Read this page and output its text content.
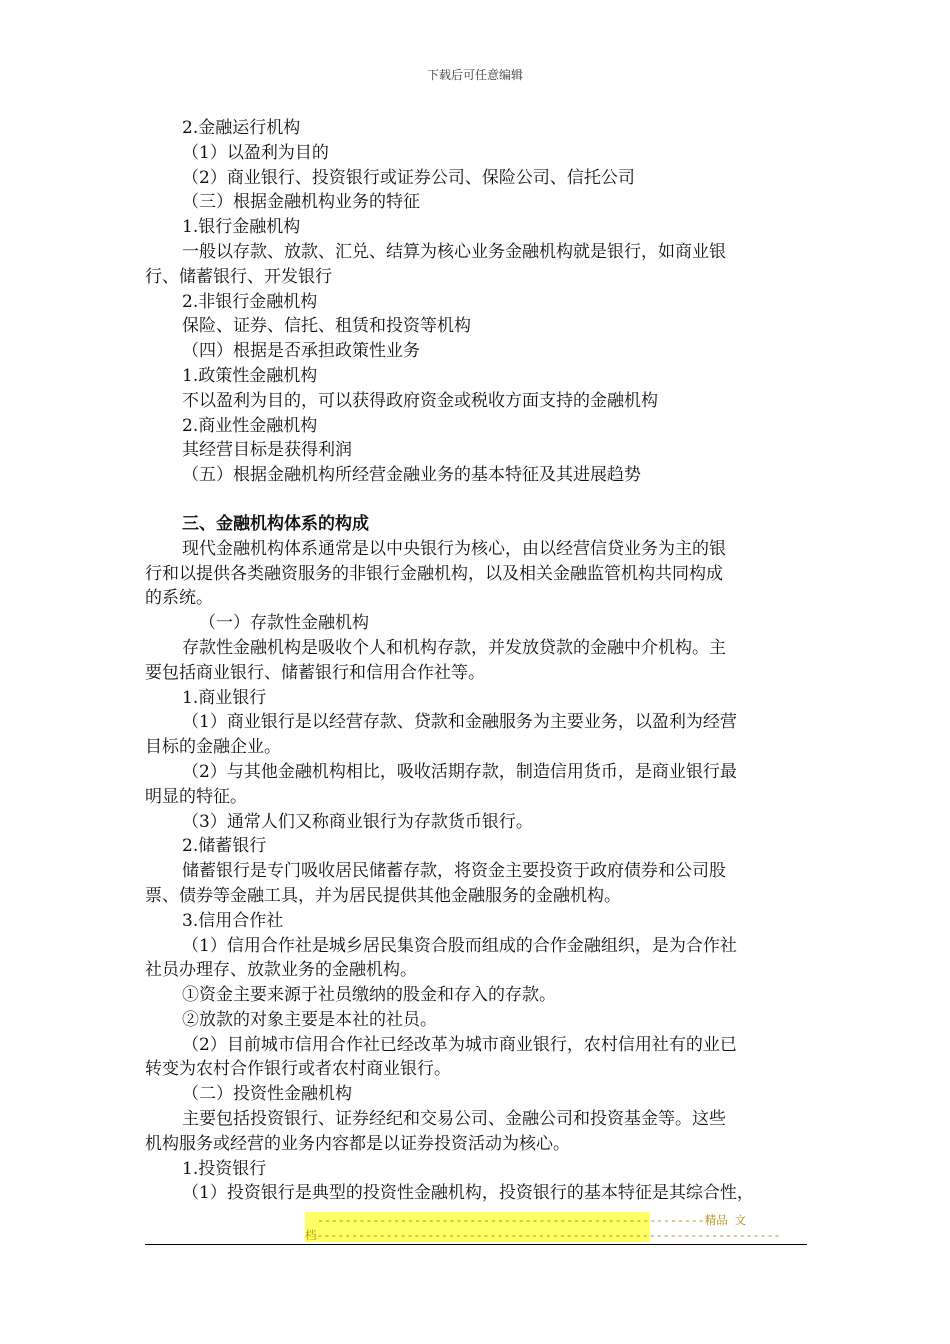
下载后可任意编辑
2.金融运行机构
（1）以盈利为目的
（2）商业银行、投资银行或证券公司、保险公司、信托公司
（三）根据金融机构业务的特征
1.银行金融机构
一般以存款、放款、汇兑、结算为核心业务金融机构就是银行，如商业银
行、储蓄银行、开发银行
2.非银行金融机构
保险、证券、信托、租赁和投资等机构
（四）根据是否承担政策性业务
1.政策性金融机构
不以盈利为目的，可以获得政府资金或税收方面支持的金融机构
2.商业性金融机构
其经营目标是获得利润
（五）根据金融机构所经营金融业务的基本特征及其进展趋势
三、金融机构体系的构成
现代金融机构体系通常是以中央银行为核心，由以经营信贷业务为主的银
行和以提供各类融资服务的非银行金融机构，以及相关金融监管机构共同构成
的系统。
（一）存款性金融机构
存款性金融机构是吸收个人和机构存款，并发放贷款的金融中介机构。主
要包括商业银行、储蓄银行和信用合作社等。
1.商业银行
（1）商业银行是以经营存款、贷款和金融服务为主要业务，以盈利为经营
目标的金融企业。
（2）与其他金融机构相比，吸收活期存款，制造信用货币，是商业银行最
明显的特征。
（3）通常人们又称商业银行为存款货币银行。
2.储蓄银行
储蓄银行是专门吸收居民储蓄存款，将资金主要投资于政府债券和公司股
票、债券等金融工具，并为居民提供其他金融服务的金融机构。
3.信用合作社
（1）信用合作社是城乡居民集资合股而组成的合作金融组织，是为合作社
社员办理存、放款业务的金融机构。
①资金主要来源于社员缴纳的股金和存入的存款。
②放款的对象主要是本社的社员。
（2）目前城市信用合作社已经改革为城市商业银行，农村信用社有的业已
转变为农村合作银行或者农村商业银行。
（二）投资性金融机构
主要包括投资银行、证券经纪和交易公司、金融公司和投资基金等。这些
机构服务或经营的业务内容都是以证券投资活动为核心。
1.投资银行
（1）投资银行是典型的投资性金融机构，投资银行的基本特征是其综合性，
--------------------------------------------------------精品 文
档-------------------------------------------------------------------
